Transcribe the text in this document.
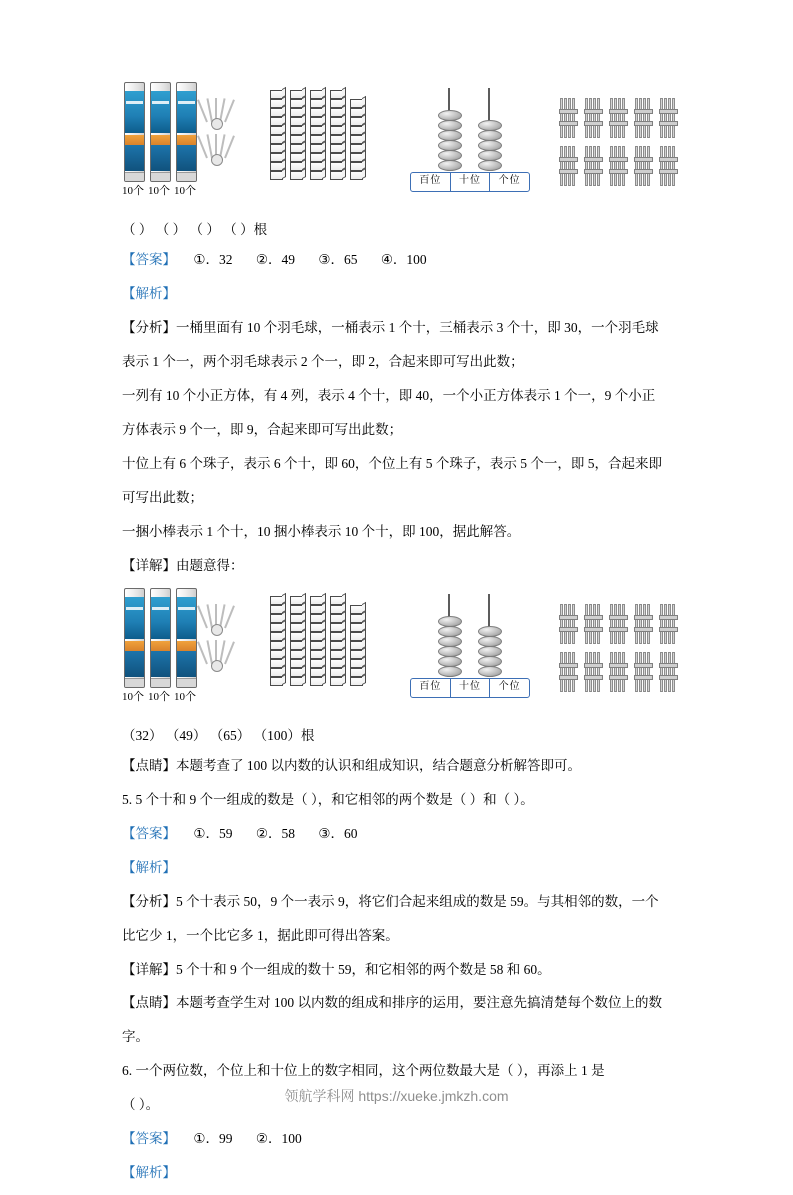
10个 10个 10个

百位	十位	个位
（ ） （ ） （ ） （ ）根

【答案】 ①．32 ②．49 ③．65 ④．100

【解析】

【分析】一桶里面有 10 个羽毛球，一桶表示 1 个十，三桶表示 3 个十，即 30，一个羽毛球

表示 1 个一，两个羽毛球表示 2 个一，即 2，合起来即可写出此数；

一列有 10 个小正方体，有 4 列，表示 4 个十，即 40，一个小正方体表示 1 个一，9 个小正

方体表示 9 个一，即 9，合起来即可写出此数；

十位上有 6 个珠子，表示 6 个十，即 60，个位上有 5 个珠子，表示 5 个一，即 5，合起来即

可写出此数；

一捆小棒表示 1 个十，10 捆小棒表示 10 个十，即 100，据此解答。

【详解】由题意得：

10个 10个 10个

百位	十位	个位
（32） （49） （65） （100）根

【点睛】本题考查了 100 以内数的认识和组成知识，结合题意分析解答即可。

5. 5 个十和 9 个一组成的数是（ ），和它相邻的两个数是（ ）和（ ）。

【答案】 ①．59 ②．58 ③．60

【解析】

【分析】5 个十表示 50，9 个一表示 9，将它们合起来组成的数是 59。与其相邻的数，一个

比它少 1，一个比它多 1，据此即可得出答案。

【详解】5 个十和 9 个一组成的数十 59，和它相邻的两个数是 58 和 60。

【点睛】本题考查学生对 100 以内数的组成和排序的运用，要注意先搞清楚每个数位上的数

字。

6. 一个两位数，个位上和十位上的数字相同，这个两位数最大是（ ），再添上 1 是

（ ）。

【答案】 ①．99 ②．100

【解析】

领航学科网 https://xueke.jmkzh.com
